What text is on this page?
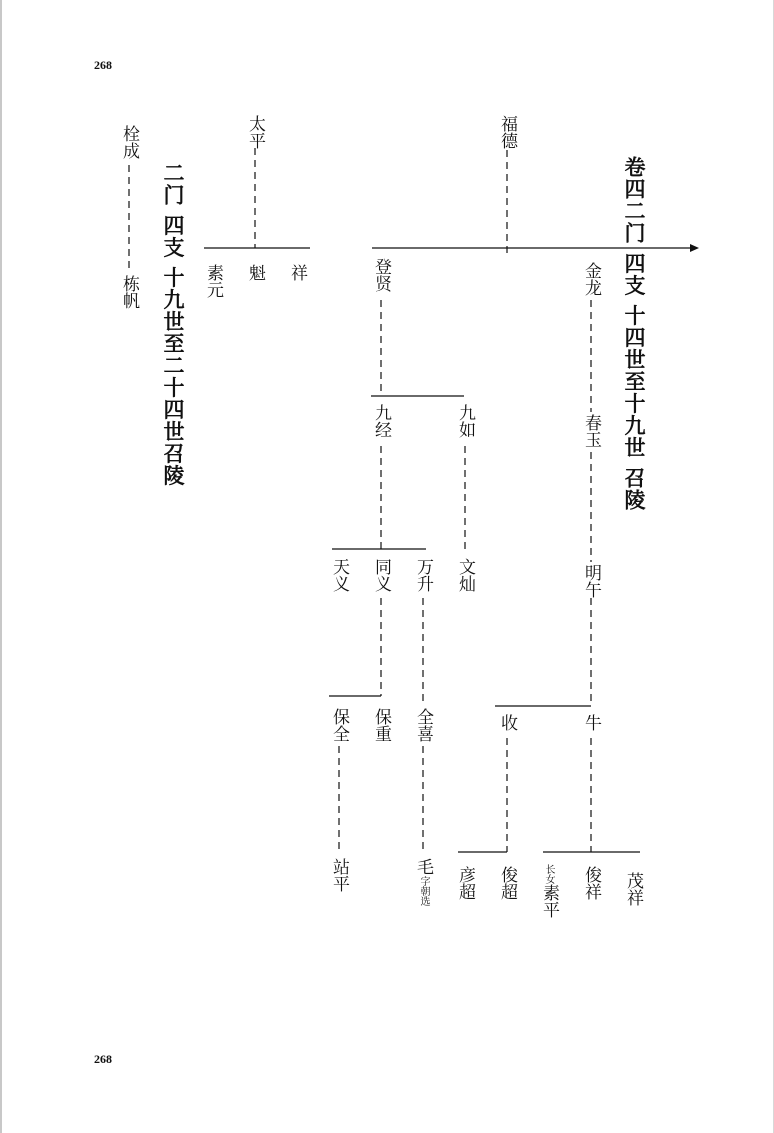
268
268
卷四二门 四支 十四世至十九世 召陵
二门 四支 十九世至二十四世召陵
福德
金龙
登贤
春玉
九经	九如
明午
天义 同义 万升 文灿
收	牛
保全 保重 全喜
站平	毛
字朝选 彦超 俊超	长女
素平
俊祥 茂祥
太平
素元 魁 祥
栓成
栋帆
